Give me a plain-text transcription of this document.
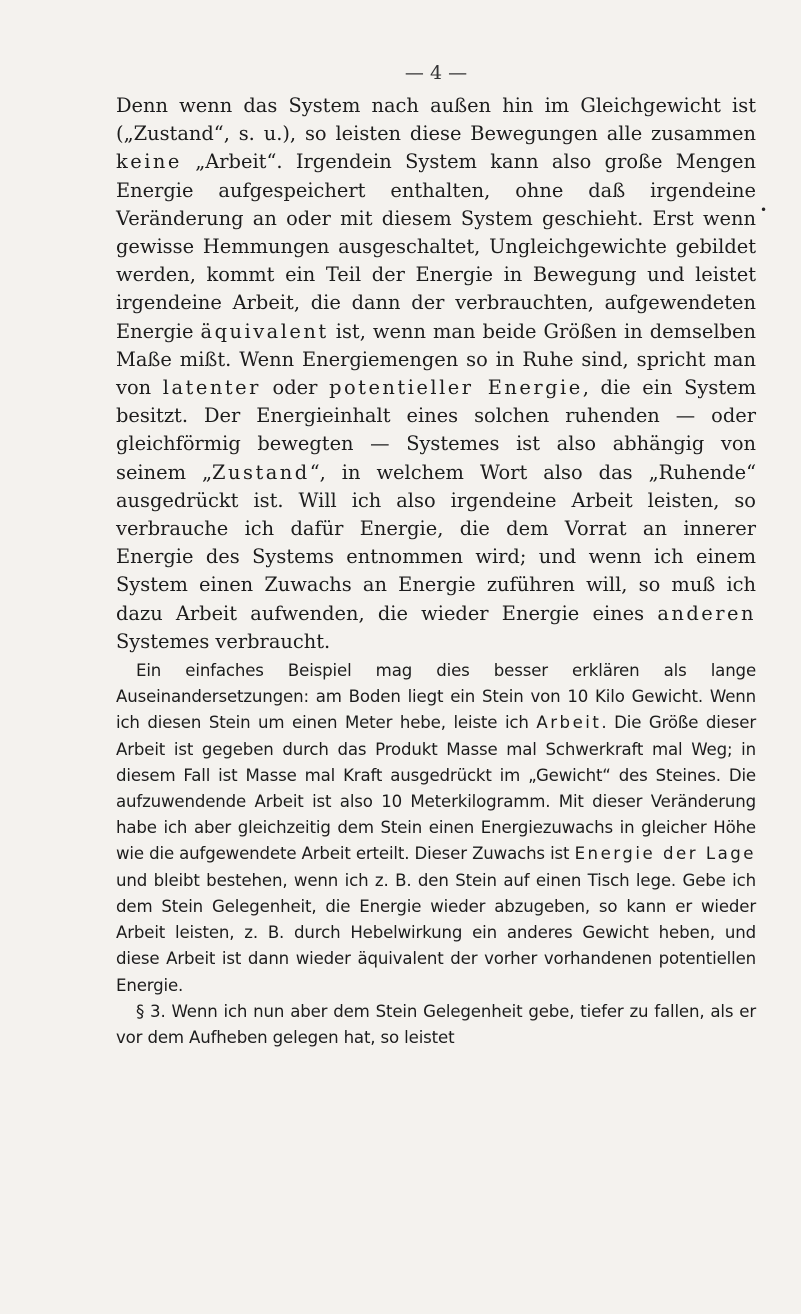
— 4 —

Denn wenn das System nach außen hin im Gleichgewicht ist („Zustand“, s. u.), so leisten diese Bewegungen alle zusammen keine „Arbeit“. Irgendein System kann also große Mengen Energie aufgespeichert enthalten, ohne daß irgendeine Veränderung an oder mit diesem System geschieht. Erst wenn gewisse Hemmungen ausgeschaltet, Ungleichgewichte gebildet werden, kommt ein Teil der Energie in Bewegung und leistet irgendeine Arbeit, die dann der verbrauchten, aufgewendeten Energie äquivalent ist, wenn man beide Größen in demselben Maße mißt. Wenn Energiemengen so in Ruhe sind, spricht man von latenter oder potentieller Energie, die ein System besitzt. Der Energieinhalt eines solchen ruhenden — oder gleichförmig bewegten — Systemes ist also abhängig von seinem „Zustand“, in welchem Wort also das „Ruhende“ ausgedrückt ist. Will ich also irgendeine Arbeit leisten, so verbrauche ich dafür Energie, die dem Vorrat an innerer Energie des Systems entnommen wird; und wenn ich einem System einen Zuwachs an Energie zuführen will, so muß ich dazu Arbeit aufwenden, die wieder Energie eines anderen Systemes verbraucht.

Ein einfaches Beispiel mag dies besser erklären als lange Auseinandersetzungen: am Boden liegt ein Stein von 10 Kilo Gewicht. Wenn ich diesen Stein um einen Meter hebe, leiste ich Arbeit. Die Größe dieser Arbeit ist gegeben durch das Produkt Masse mal Schwerkraft mal Weg; in diesem Fall ist Masse mal Kraft ausgedrückt im „Gewicht“ des Steines. Die aufzuwendende Arbeit ist also 10 Meterkilogramm. Mit dieser Veränderung habe ich aber gleichzeitig dem Stein einen Energiezuwachs in gleicher Höhe wie die aufgewendete Arbeit erteilt. Dieser Zuwachs ist Energie der Lage und bleibt bestehen, wenn ich z. B. den Stein auf einen Tisch lege. Gebe ich dem Stein Gelegenheit, die Energie wieder abzugeben, so kann er wieder Arbeit leisten, z. B. durch Hebelwirkung ein anderes Gewicht heben, und diese Arbeit ist dann wieder äquivalent der vorher vorhandenen potentiellen Energie.

§ 3. Wenn ich nun aber dem Stein Gelegenheit gebe, tiefer zu fallen, als er vor dem Aufheben gelegen hat, so leistet

•
